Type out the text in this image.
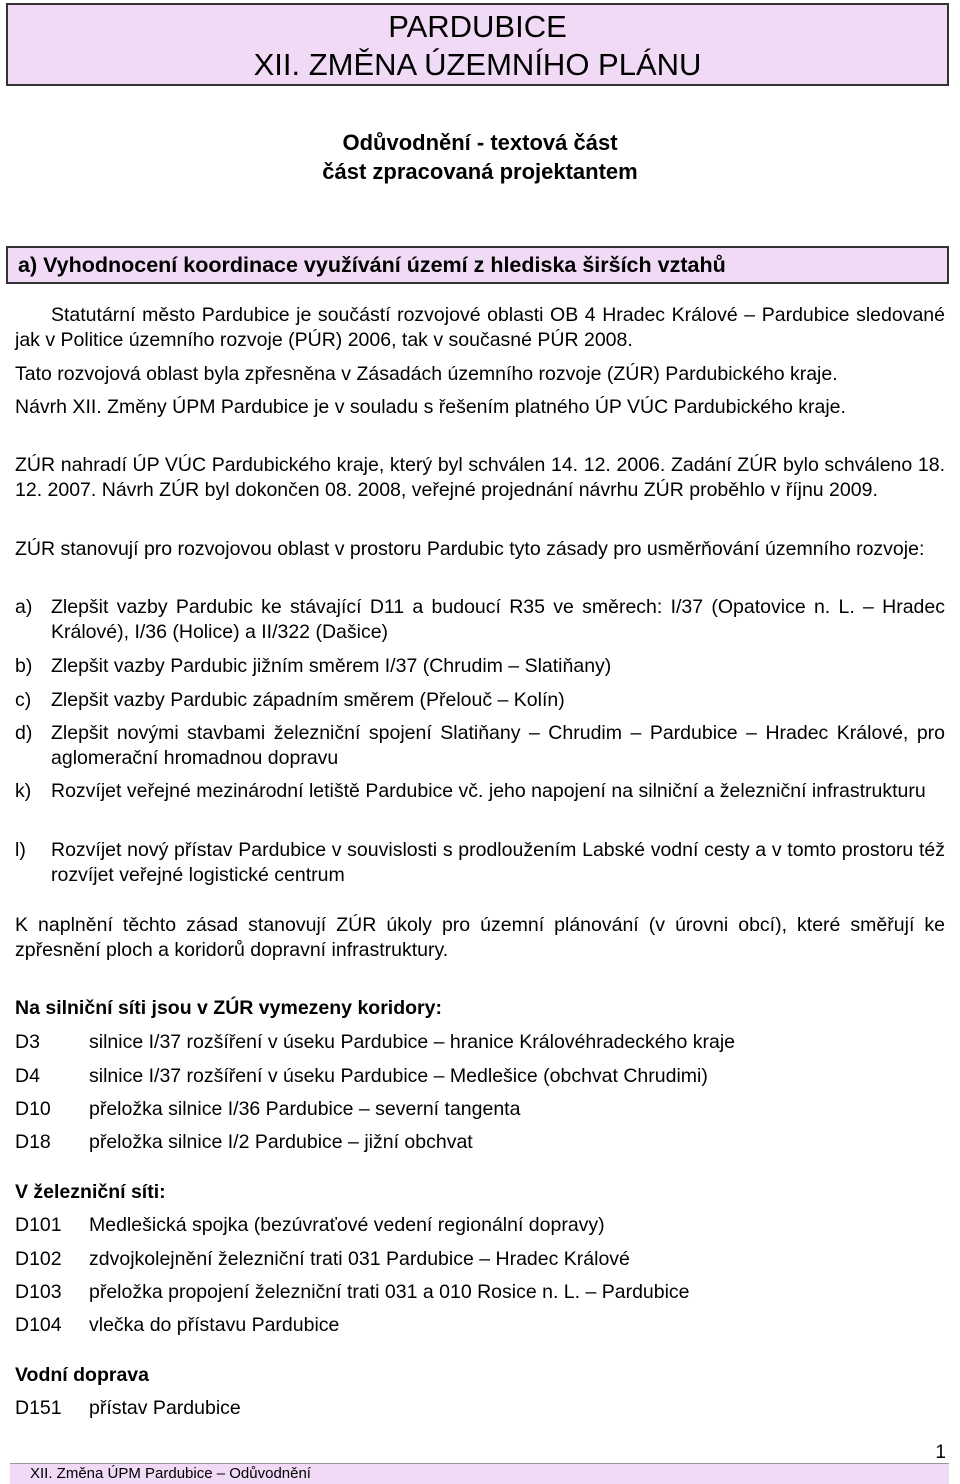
PARDUBICE
XII. ZMĚNA ÚZEMNÍHO PLÁNU
Odůvodnění - textová část
část zpracovaná projektantem
a) Vyhodnocení koordinace využívání území z hlediska širších vztahů
Statutární město Pardubice je součástí rozvojové oblasti OB 4 Hradec Králové – Pardubice sledované jak v Politice územního rozvoje (PÚR) 2006, tak v současné PÚR 2008.
Tato rozvojová oblast byla zpřesněna v Zásadách územního rozvoje (ZÚR) Pardubického kraje.
Návrh XII. Změny ÚPM Pardubice je v souladu s řešením platného ÚP VÚC Pardubického kraje.
ZÚR nahradí ÚP VÚC Pardubického kraje, který byl schválen 14. 12. 2006. Zadání ZÚR bylo schváleno 18. 12. 2007. Návrh ZÚR byl dokončen 08. 2008, veřejné projednání návrhu ZÚR proběhlo v říjnu 2009.
ZÚR stanovují pro rozvojovou oblast v prostoru Pardubic tyto zásady pro usměrňování územního rozvoje:
a) Zlepšit vazby Pardubic ke stávající D11 a budoucí R35 ve směrech: I/37 (Opatovice n. L. – Hradec Králové), I/36 (Holice) a II/322 (Dašice)
b) Zlepšit vazby Pardubic jižním směrem I/37 (Chrudim – Slatiňany)
c) Zlepšit vazby Pardubic západním směrem (Přelouč – Kolín)
d) Zlepšit novými stavbami železniční spojení Slatiňany – Chrudim – Pardubice – Hradec Králové, pro aglomerační hromadnou dopravu
k) Rozvíjet veřejné mezinárodní letiště Pardubice vč. jeho napojení na silniční a železniční infrastrukturu
l) Rozvíjet nový přístav Pardubice v souvislosti s prodloužením Labské vodní cesty a v tomto prostoru též rozvíjet veřejné logistické centrum
K naplnění těchto zásad stanovují ZÚR úkoly pro územní plánování (v úrovni obcí), které směřují ke zpřesnění ploch a koridorů dopravní infrastruktury.
Na silniční síti jsou v ZÚR vymezeny koridory:
D3	silnice I/37 rozšíření v úseku Pardubice – hranice Královéhradeckého kraje
D4	silnice I/37 rozšíření v úseku Pardubice – Medlešice (obchvat Chrudimi)
D10 přeložka silnice I/36 Pardubice – severní tangenta
D18 přeložka silnice I/2 Pardubice – jižní obchvat
V železniční síti:
D101 Medlešická spojka (bezúvraťové vedení regionální dopravy)
D102 zdvojkolejnění železniční trati 031 Pardubice – Hradec Králové
D103 přeložka propojení železniční trati 031 a 010 Rosice n. L. – Pardubice
D104 vlečka do přístavu Pardubice
Vodní doprava
D151 přístav Pardubice
1
XII. Změna ÚPM Pardubice – Odůvodnění
